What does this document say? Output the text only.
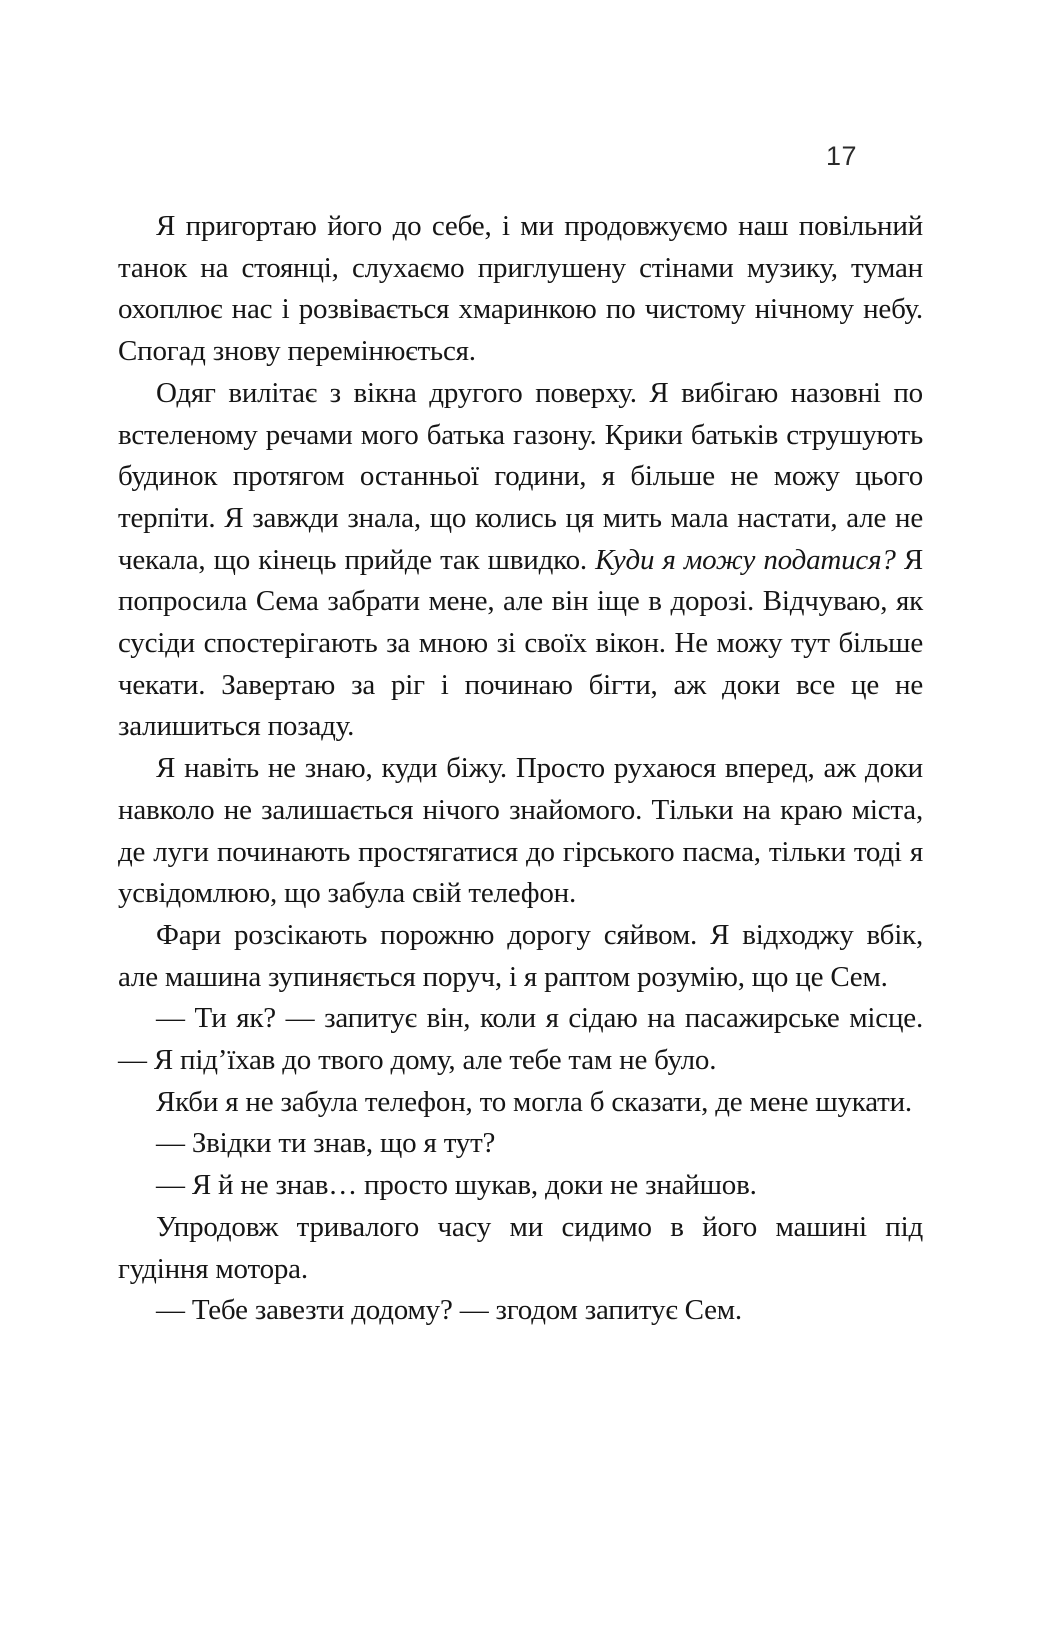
17

Я пригортаю його до себе, і ми продовжуємо наш повільний танок на стоянці, слухаємо приглушену стінами музику, туман охоплює нас і розвівається хмаринкою по чистому нічному небу. Спогад знову перемінюється.

Одяг вилітає з вікна другого поверху. Я вибігаю назовні по встеленому речами мого батька газону. Крики батьків струшують будинок протягом останньої години, я більше не можу цього терпіти. Я завжди знала, що колись ця мить мала настати, але не чекала, що кінець прийде так швидко. Куди я можу податися? Я попросила Сема забрати мене, але він іще в дорозі. Відчуваю, як сусіди спостерігають за мною зі своїх вікон. Не можу тут більше чекати. Завертаю за ріг і починаю бігти, аж доки все це не залишиться позаду.

Я навіть не знаю, куди біжу. Просто рухаюся вперед, аж доки навколо не залишається нічого знайомого. Тільки на краю міста, де луги починають простягатися до гірського пасма, тільки тоді я усвідомлюю, що забула свій телефон.

Фари розсікають порожню дорогу сяйвом. Я відходжу вбік, але машина зупиняється поруч, і я раптом розумію, що це Сем.

— Ти як? — запитує він, коли я сідаю на пасажирське місце. — Я під’їхав до твого дому, але тебе там не було.

Якби я не забула телефон, то могла б сказати, де мене шукати.

— Звідки ти знав, що я тут?

— Я й не знав… просто шукав, доки не знайшов.

Упродовж тривалого часу ми сидимо в його машині під гудіння мотора.

— Тебе завезти додому? — згодом запитує Сем.
